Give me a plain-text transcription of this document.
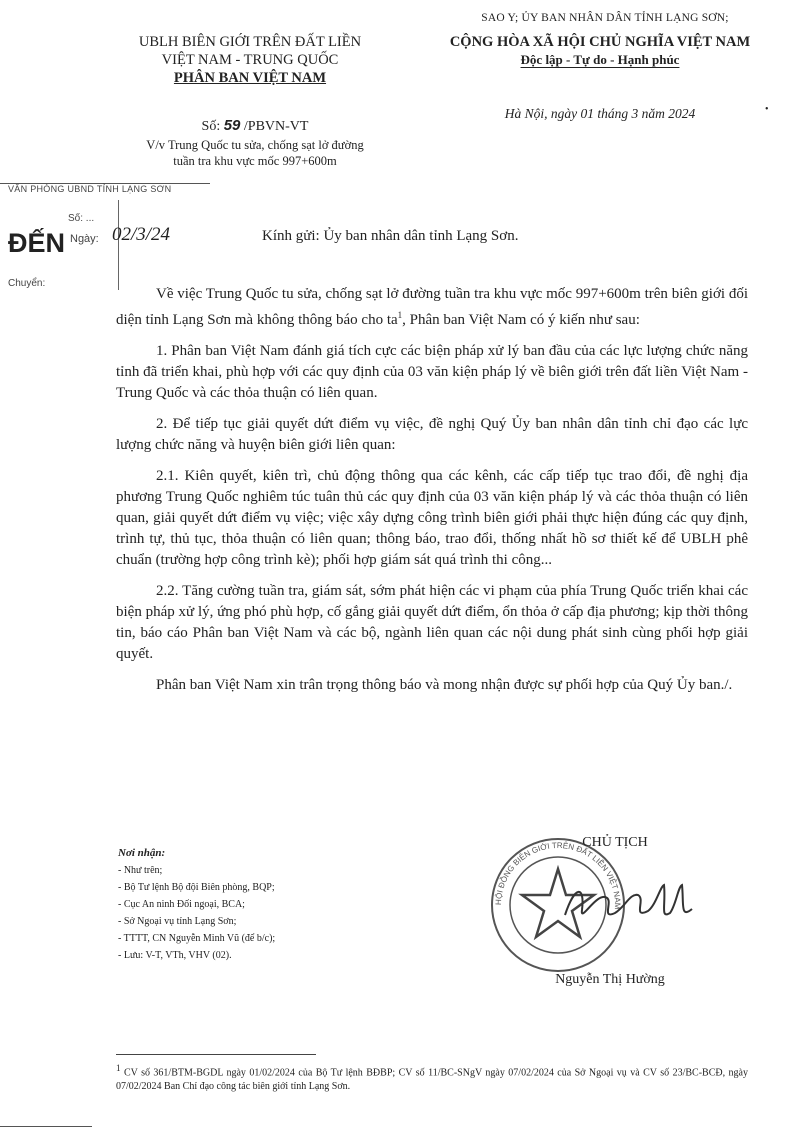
SAO Y; ỦY BAN NHÂN DÂN TỈNH LẠNG SƠN;
UBLH BIÊN GIỚI TRÊN ĐẤT LIỀN
VIỆT NAM - TRUNG QUỐC
PHÂN BAN VIỆT NAM
CỘNG HÒA XÃ HỘI CHỦ NGHĨA VIỆT NAM
Độc lập - Tự do - Hạnh phúc
Số: 59 /PBVN-VT
V/v Trung Quốc tu sửa, chống sạt lở đường
tuần tra khu vực mốc 997+600m
Hà Nội, ngày 01 tháng 3 năm 2024	•
VĂN PHÒNG UBND TỈNH LẠNG SƠN
Số: ...
ĐẾN Ngày: 02/3/24
Chuyển:
Kính gửi: Ủy ban nhân dân tỉnh Lạng Sơn.

Về việc Trung Quốc tu sửa, chống sạt lở đường tuần tra khu vực mốc 997+600m trên biên giới đối diện tỉnh Lạng Sơn mà không thông báo cho $ta^1$, Phân ban Việt Nam có ý kiến như sau:

1. Phân ban Việt Nam đánh giá tích cực các biện pháp xử lý ban đầu của các lực lượng chức năng tỉnh đã triển khai, phù hợp với các quy định của 03 văn kiện pháp lý về biên giới trên đất liền Việt Nam - Trung Quốc và các thỏa thuận có liên quan.

2. Để tiếp tục giải quyết dứt điểm vụ việc, đề nghị Quý Ủy ban nhân dân tỉnh chỉ đạo các lực lượng chức năng và huyện biên giới liên quan:

2.1. Kiên quyết, kiên trì, chủ động thông qua các kênh, các cấp tiếp tục trao đổi, đề nghị địa phương Trung Quốc nghiêm túc tuân thủ các quy định của 03 văn kiện pháp lý và các thỏa thuận có liên quan, giải quyết dứt điểm vụ việc; việc xây dựng công trình biên giới phải thực hiện đúng các quy định, trình tự, thủ tục, thỏa thuận có liên quan; thông báo, trao đổi, thống nhất hồ sơ thiết kế để UBLH phê chuẩn (trường hợp công trình kè); phối hợp giám sát quá trình thi công...

2.2. Tăng cường tuần tra, giám sát, sớm phát hiện các vi phạm của phía Trung Quốc triển khai các biện pháp xử lý, ứng phó phù hợp, cố gắng giải quyết dứt điểm, ổn thỏa ở cấp địa phương; kịp thời thông tin, báo cáo Phân ban Việt Nam và các bộ, ngành liên quan các nội dung phát sinh cùng phối hợp giải quyết.

Phân ban Việt Nam xin trân trọng thông báo và mong nhận được sự phối hợp của Quý Ủy ban./.

Nơi nhận:
- Như trên;
- Bộ Tư lệnh Bộ đội Biên phòng, BQP;
- Cục An ninh Đối ngoại, BCA;
- Sở Ngoại vụ tỉnh Lạng Sơn;
- TTTT, CN Nguyễn Minh Vũ (để b/c);
- Lưu: V-T, VTh, VHV (02).
HỘI ĐỒNG BIÊN GIỚI TRÊN ĐẤT LIỀN VIỆT NAM
CHỦ TỊCH
Nguyễn Thị Hường
$^1$ CV số 361/BTM-BGDL ngày 01/02/2024 của Bộ Tư lệnh BĐBP; CV số 11/BC-SNgV ngày 07/02/2024 của Sở Ngoại vụ và CV số 23/BC-BCĐ, ngày 07/02/2024 Ban Chỉ đạo công tác biên giới tỉnh Lạng Sơn.
